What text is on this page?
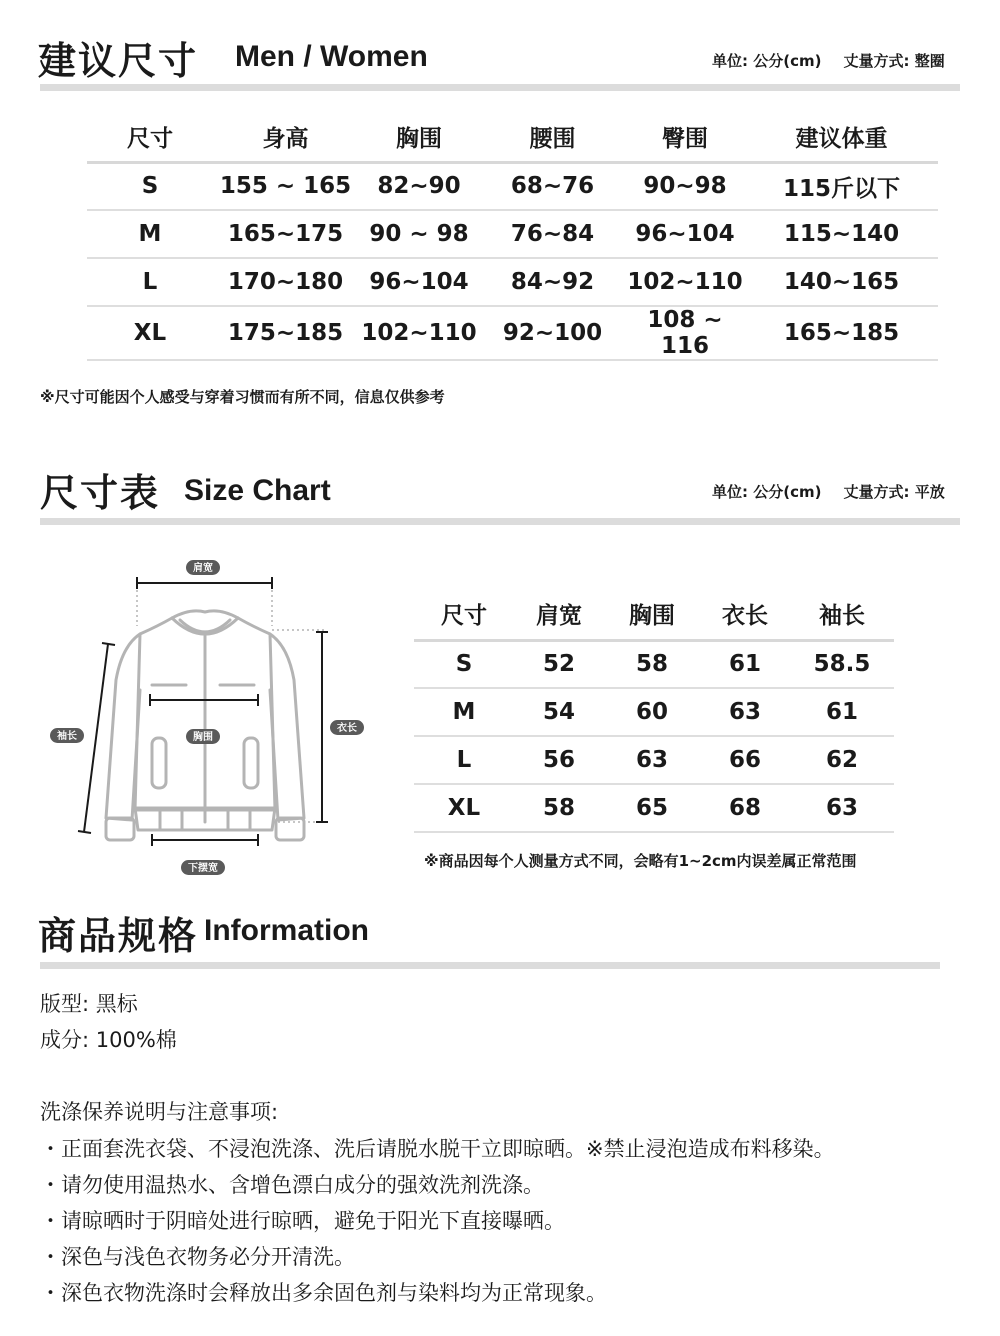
建议尺寸 Men / Women	单位: 公分(cm) 丈量方式: 整圈
尺寸	身高	胸围	腰围	臀围	建议体重
S	155 ~ 165	82~90	68~76	90~98	115斤以下
M	165~175	90 ~ 98	76~84	96~104	115~140
L	170~180	96~104	84~92	102~110	140~165
XL	175~185	102~110	92~100	108 ~ 116	165~185
※尺寸可能因个人感受与穿着习惯而有所不同，信息仅供参考
尺寸表 Size Chart	单位: 公分(cm) 丈量方式: 平放
肩宽
袖长	胸围
衣长
下摆宽
尺寸	肩宽	胸围	衣长	袖长
S	52	58	61	58.5
M	54	60	63	61
L	56	63	66	62
XL	58	65	68	63
※商品因每个人测量方式不同，会略有1~2cm内误差属正常范围
商品规格 Information
版型: 黑标
成分: 100%棉
洗涤保养说明与注意事项:
・正面套洗衣袋、不浸泡洗涤、洗后请脱水脱干立即晾晒。※禁止浸泡造成布料移染。
・请勿使用温热水、含增色漂白成分的强效洗剂洗涤。
・请晾晒时于阴暗处进行晾晒，避免于阳光下直接曝晒。
・深色与浅色衣物务必分开清洗。
・深色衣物洗涤时会释放出多余固色剂与染料均为正常现象。
